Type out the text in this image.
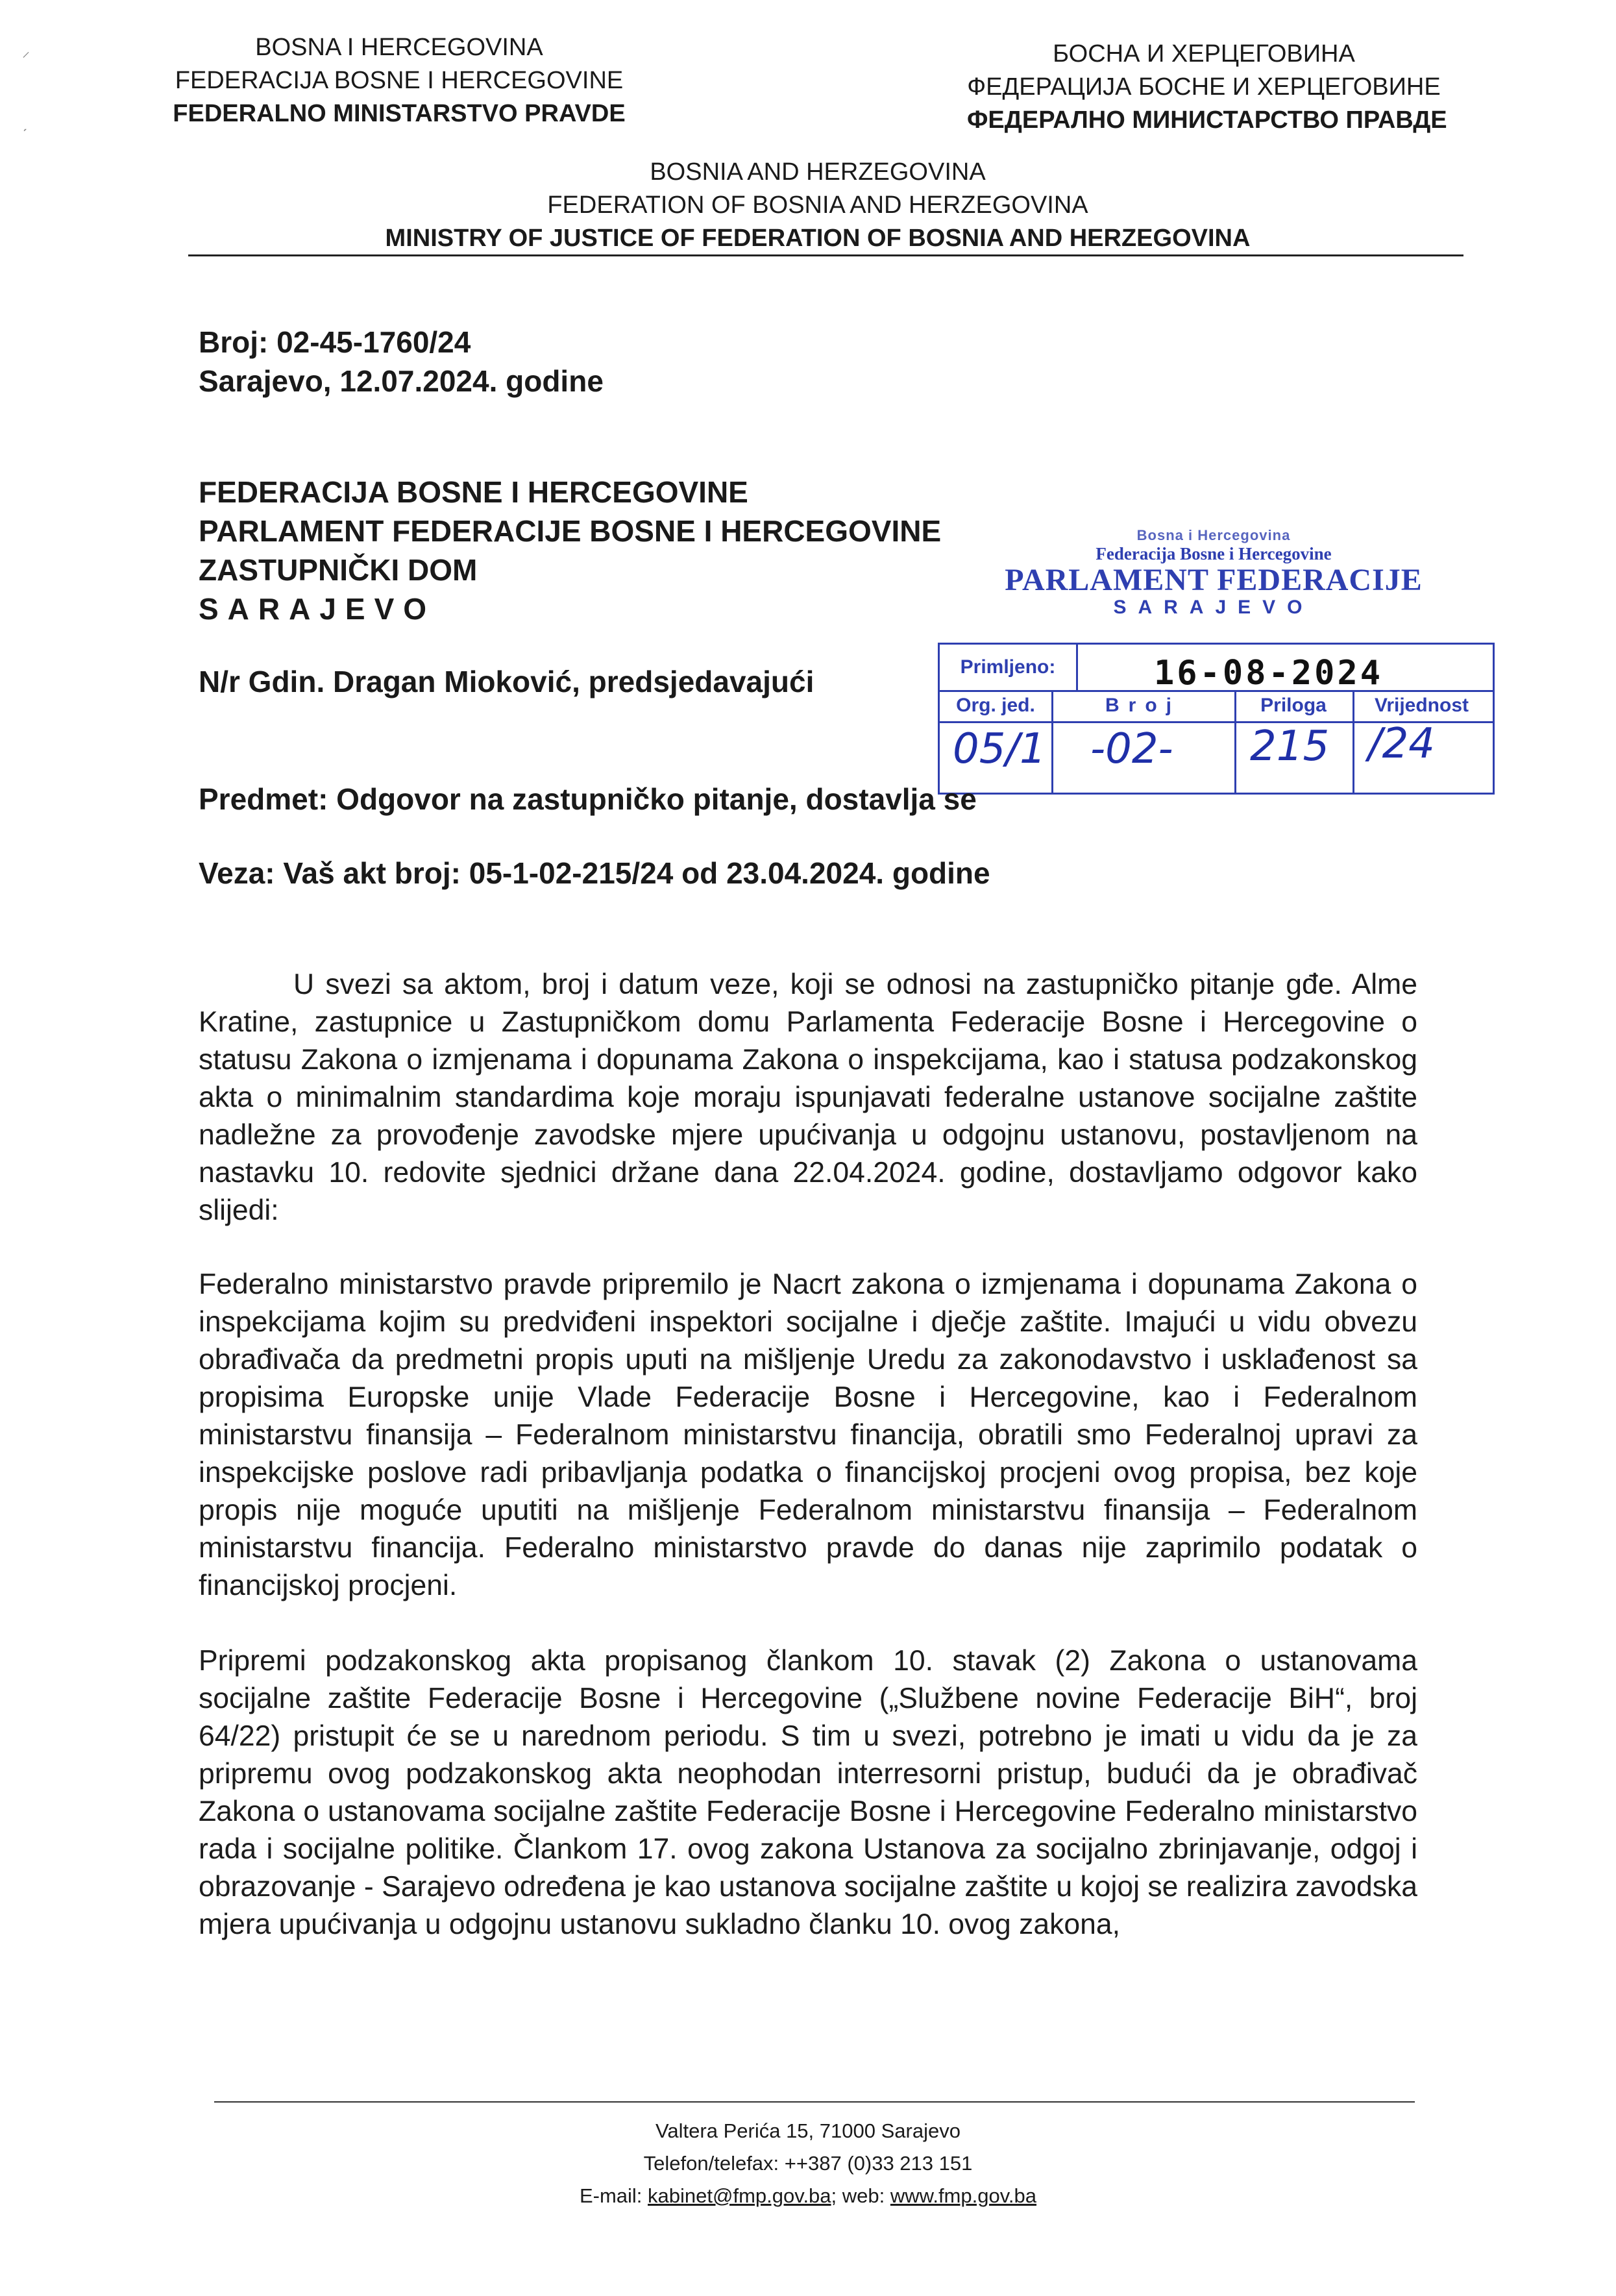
⸝
ˏ
BOSNA I HERCEGOVINA
FEDERACIJA BOSNE I HERCEGOVINE
FEDERALNO MINISTARSTVO PRAVDE
БОСНА И ХЕРЦЕГОВИНА
ФЕДЕРАЦИЈА БОСНЕ И ХЕРЦЕГОВИНЕ
ФЕДЕРАЛНО МИНИСТАРСТВО ПРАВДЕ
BOSNIA AND HERZEGOVINA
FEDERATION OF BOSNIA AND HERZEGOVINA
MINISTRY OF JUSTICE OF FEDERATION OF BOSNIA AND HERZEGOVINA
Broj: 02-45-1760/24
Sarajevo, 12.07.2024. godine
FEDERACIJA BOSNE I HERCEGOVINE
PARLAMENT FEDERACIJE BOSNE I HERCEGOVINE
ZASTUPNIČKI DOM
SARAJEVO
N/r Gdin. Dragan Mioković, predsjedavajući
Bosna i Hercegovina
Federacija Bosne i Hercegovine
PARLAMENT FEDERACIJE
SARAJEVO
Primljeno:	16-08-2024
Org. jed.	Broj	Priloga	Vrijednost
05/1 -02- 215 /24
Predmet: Odgovor na zastupničko pitanje, dostavlja se
Veza: Vaš akt broj: 05-1-02-215/24 od 23.04.2024. godine
U svezi sa aktom, broj i datum veze, koji se odnosi na zastupničko pitanje gđe. Alme Kratine, zastupnice u Zastupničkom domu Parlamenta Federacije Bosne i Hercegovine o statusu Zakona o izmjenama i dopunama Zakona o inspekcijama, kao i statusa podzakonskog akta o minimalnim standardima koje moraju ispunjavati federalne ustanove socijalne zaštite nadležne za provođenje zavodske mjere upućivanja u odgojnu ustanovu, postavljenom na nastavku 10. redovite sjednici držane dana 22.04.2024. godine, dostavljamo odgovor kako slijedi:
Federalno ministarstvo pravde pripremilo je Nacrt zakona o izmjenama i dopunama Zakona o inspekcijama kojim su predviđeni inspektori socijalne i dječje zaštite. Imajući u vidu obvezu obrađivača da predmetni propis uputi na mišljenje Uredu za zakonodavstvo i usklađenost sa propisima Europske unije Vlade Federacije Bosne i Hercegovine, kao i Federalnom ministarstvu finansija – Federalnom ministarstvu financija, obratili smo Federalnoj upravi za inspekcijske poslove radi pribavljanja podatka o financijskoj procjeni ovog propisa, bez koje propis nije moguće uputiti na mišljenje Federalnom ministarstvu finansija – Federalnom ministarstvu financija. Federalno ministarstvo pravde do danas nije zaprimilo podatak o financijskoj procjeni.
Pripremi podzakonskog akta propisanog člankom 10. stavak (2) Zakona o ustanovama socijalne zaštite Federacije Bosne i Hercegovine („Službene novine Federacije BiH“, broj 64/22) pristupit će se u narednom periodu. S tim u svezi, potrebno je imati u vidu da je za pripremu ovog podzakonskog akta neophodan interresorni pristup, budući da je obrađivač Zakona o ustanovama socijalne zaštite Federacije Bosne i Hercegovine Federalno ministarstvo rada i socijalne politike. Člankom 17. ovog zakona Ustanova za socijalno zbrinjavanje, odgoj i obrazovanje - Sarajevo određena je kao ustanova socijalne zaštite u kojoj se realizira zavodska mjera upućivanja u odgojnu ustanovu sukladno članku 10. ovog zakona,
Valtera Perića 15, 71000 Sarajevo
Telefon/telefax: ++387 (0)33 213 151
E-mail: kabinet@fmp.gov.ba; web: www.fmp.gov.ba
